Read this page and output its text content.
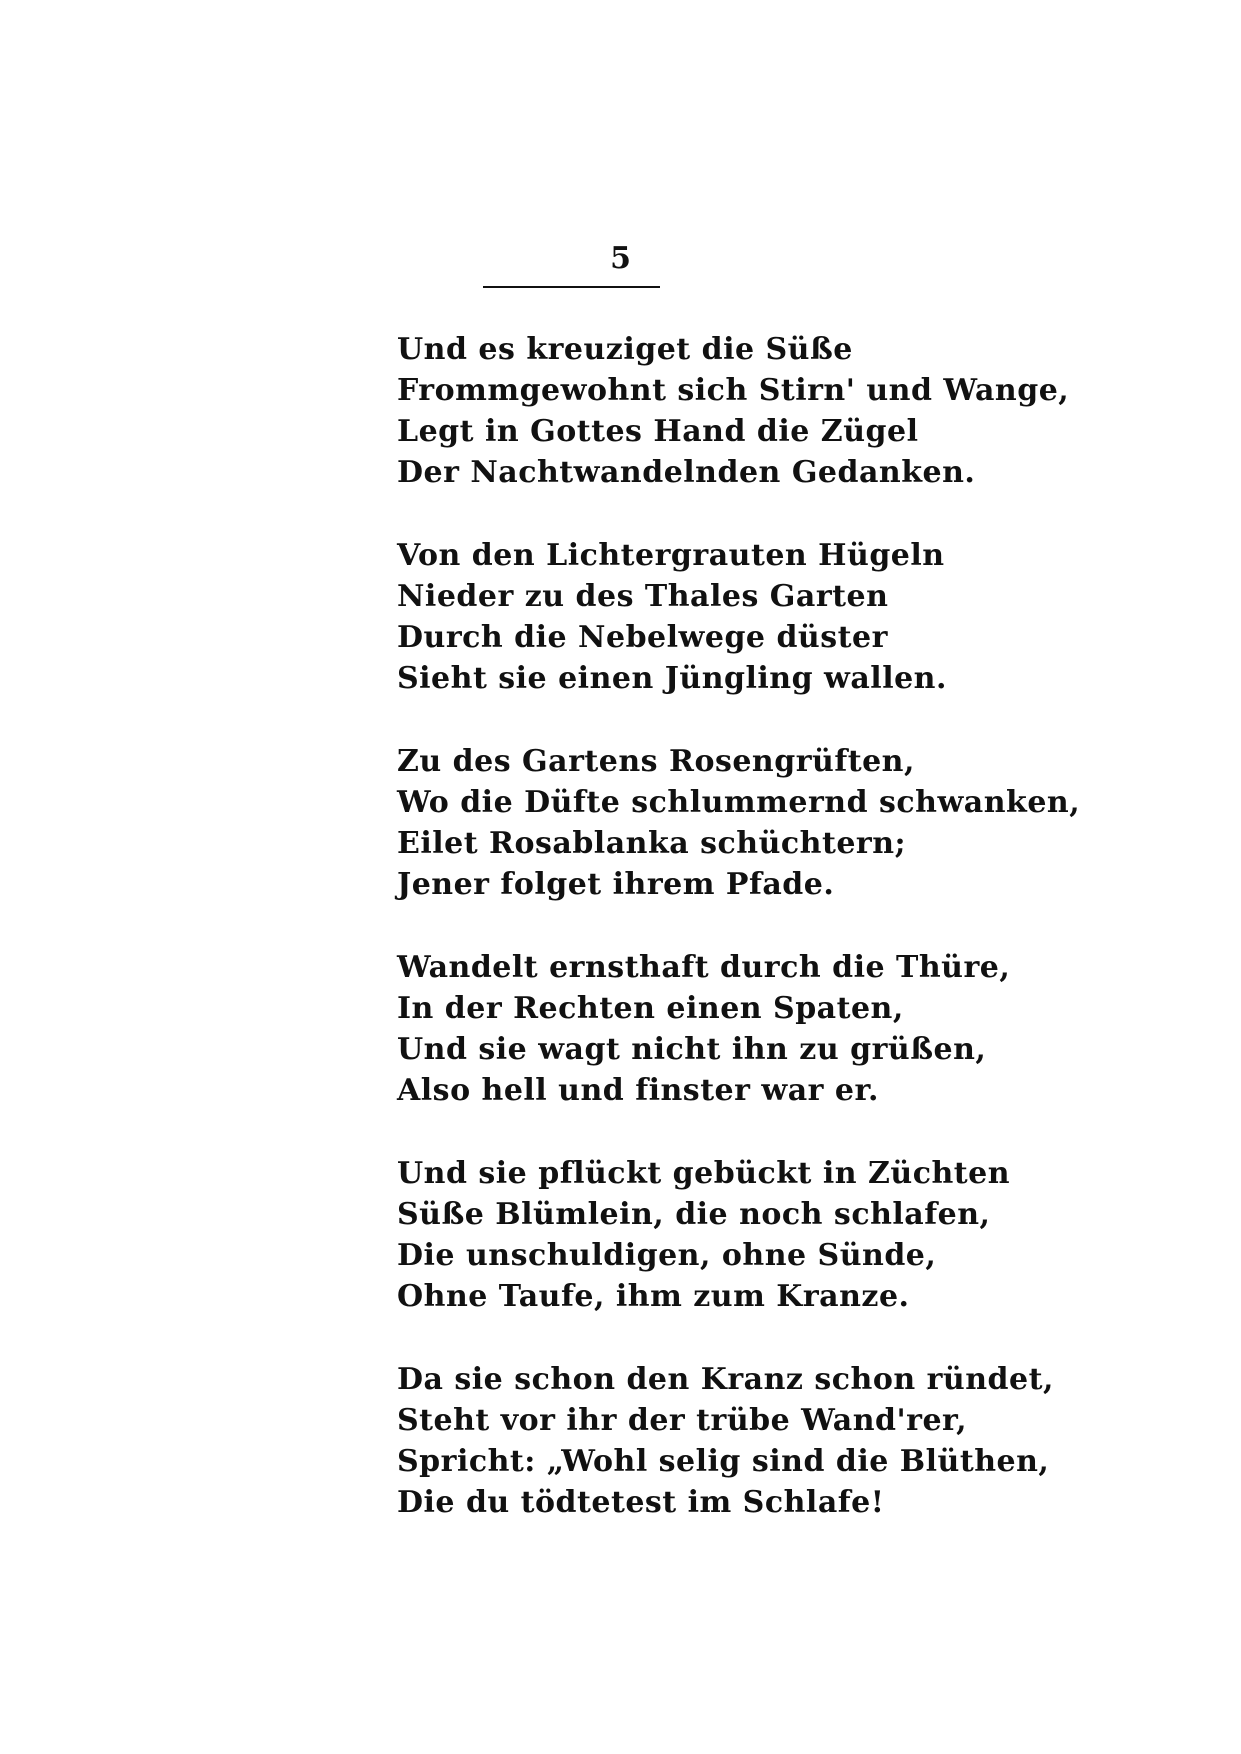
5
Und es kreuziget die Süße
Frommgewohnt sich Stirn' und Wange,
Legt in Gottes Hand die Zügel
Der Nachtwandelnden Gedanken.
Von den Lichtergrauten Hügeln
Nieder zu des Thales Garten
Durch die Nebelwege düster
Sieht sie einen Jüngling wallen.
Zu des Gartens Rosengrüften,
Wo die Düfte schlummernd schwanken,
Eilet Rosablanka schüchtern;
Jener folget ihrem Pfade.
Wandelt ernsthaft durch die Thüre,
In der Rechten einen Spaten,
Und sie wagt nicht ihn zu grüßen,
Also hell und finster war er.
Und sie pflückt gebückt in Züchten
Süße Blümlein, die noch schlafen,
Die unschuldigen, ohne Sünde,
Ohne Taufe, ihm zum Kranze.
Da sie schon den Kranz schon ründet,
Steht vor ihr der trübe Wand'rer,
Spricht: „Wohl selig sind die Blüthen,
Die du tödtetest im Schlafe!
